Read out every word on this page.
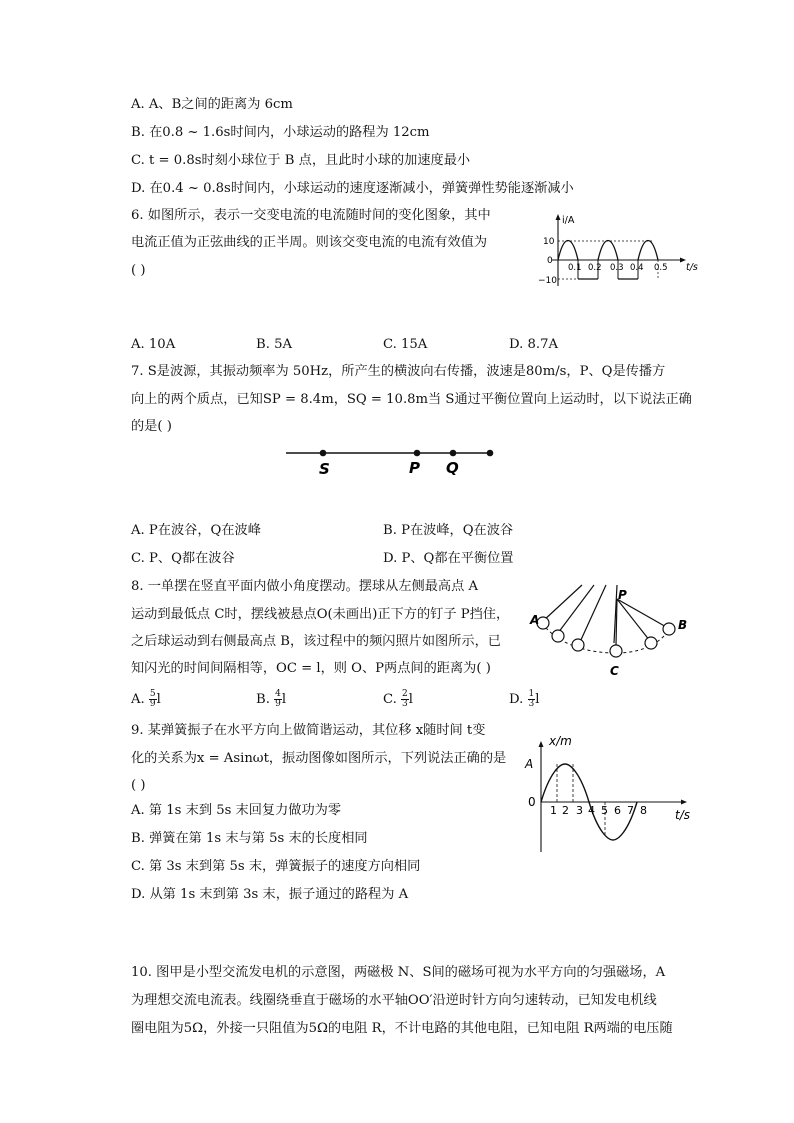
A. A、B之间的距离为 6cm
B. 在0.8 ~ 1.6s时间内，小球运动的路程为 12cm
C. t = 0.8s时刻小球位于 B 点，且此时小球的加速度最小
D. 在0.4 ~ 0.8s时间内，小球运动的速度逐渐减小，弹簧弹性势能逐渐减小
6. 如图所示，表示一交变电流的电流随时间的变化图象，其中
电流正值为正弦曲线的正半周。则该交变电流的电流有效值为
( )
i/A
t/s
10
0
−10
0.1 0.2 0.3 0.4 0.5
A. 10A	B. 5A	C. 15A	D. 8.7A
7. S是波源，其振动频率为 50Hz，所产生的横波向右传播，波速是80m/s，P、Q是传播方
向上的两个质点，已知SP = 8.4m，SQ = 10.8m当 S通过平衡位置向上运动时，以下说法正确
的是( )
S	P Q
A. P在波谷，Q在波峰	B. P在波峰，Q在波谷
C. P、Q都在波谷	D. P、Q都在平衡位置
8. 一单摆在竖直平面内做小角度摆动。摆球从左侧最高点 A
运动到最低点 C时，摆线被悬点O(未画出)正下方的钉子 P挡住，
之后球运动到右侧最高点 B，该过程中的频闪照片如图所示，已
知闪光的时间间隔相等，OC = l，则 O、P两点间的距离为( )
P
A	B
C
A. $\frac{5}{9}$ l	B. $\frac{4}{9}$ l	C. $\frac{2}{3}$ l	D. $\frac{1}{3}$ l
9. 某弹簧振子在水平方向上做简谐运动，其位移 x随时间 t变
化的关系为x = Asinωt，振动图像如图所示，下列说法正确的是
( )
A. 第 1s 末到 5s 末回复力做功为零
B. 弹簧在第 1s 末与第 5s 末的长度相同
C. 第 3s 末到第 5s 末，弹簧振子的速度方向相同
D. 从第 1s 末到第 3s 末，振子通过的路程为 A
x/m
t/s
A
0
1 2 3 4 5 6 7 8
10. 图甲是小型交流发电机的示意图，两磁极 N、S间的磁场可视为水平方向的匀强磁场，A
为理想交流电流表。线圈绕垂直于磁场的水平轴OO′沿逆时针方向匀速转动，已知发电机线
圈电阻为5Ω，外接一只阻值为5Ω的电阻 R，不计电路的其他电阻，已知电阻 R两端的电压随
